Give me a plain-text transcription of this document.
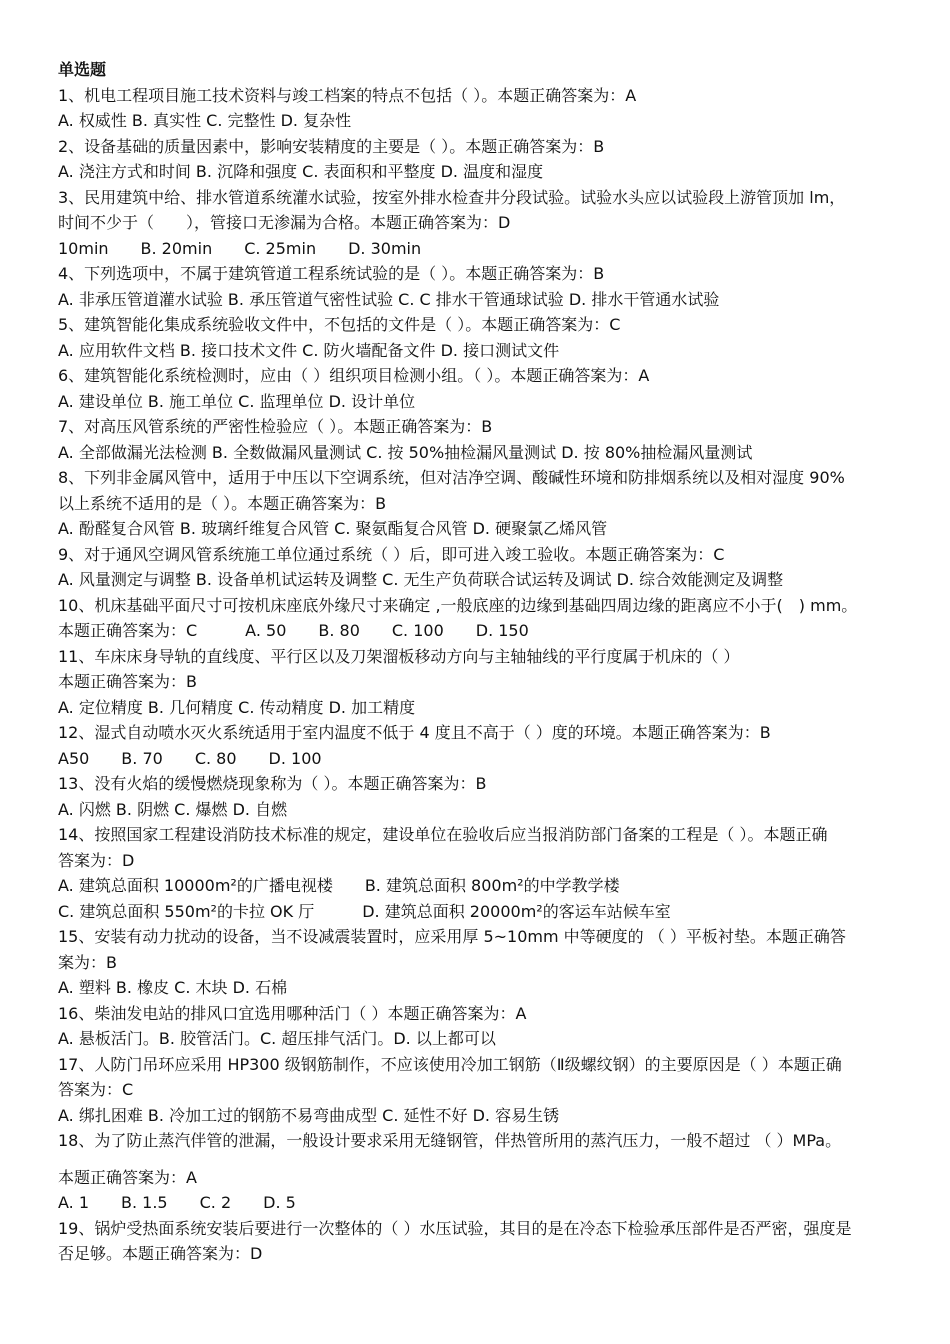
单选题
1、机电工程项目施工技术资料与竣工档案的特点不包括（ ）。本题正确答案为：A
A. 权威性 B. 真实性 C. 完整性 D. 复杂性
2、设备基础的质量因素中，影响安装精度的主要是（ ）。本题正确答案为：B
A. 浇注方式和时间 B. 沉降和强度 C. 表面积和平整度 D. 温度和湿度
3、民用建筑中给、排水管道系统灌水试验，按室外排水检查井分段试验。试验水头应以试验段上游管顶加 lm，
时间不少于（　　），管接口无渗漏为合格。本题正确答案为：D
10min　　B. 20min　　C. 25min　　D. 30min
4、下列选项中，不属于建筑管道工程系统试验的是（ ）。本题正确答案为：B
A. 非承压管道灌水试验 B. 承压管道气密性试验 C. C 排水干管通球试验 D. 排水干管通水试验
5、建筑智能化集成系统验收文件中，不包括的文件是（ ）。本题正确答案为：C
A. 应用软件文档 B. 接口技术文件 C. 防火墙配备文件 D. 接口测试文件
6、建筑智能化系统检测时，应由（ ）组织项目检测小组。（ ）。本题正确答案为：A
A. 建设单位 B. 施工单位 C. 监理单位 D. 设计单位
7、对高压风管系统的严密性检验应（ ）。本题正确答案为：B
A. 全部做漏光法检测 B. 全数做漏风量测试 C. 按 50%抽检漏风量测试 D. 按 80%抽检漏风量测试
8、下列非金属风管中，适用于中压以下空调系统，但对洁净空调、酸碱性环境和防排烟系统以及相对湿度 90%
以上系统不适用的是（ ）。本题正确答案为：B
A. 酚醛复合风管 B. 玻璃纤维复合风管 C. 聚氨酯复合风管 D. 硬聚氯乙烯风管
9、对于通风空调风管系统施工单位通过系统（ ）后，即可进入竣工验收。本题正确答案为：C
A. 风量测定与调整 B. 设备单机试运转及调整 C. 无生产负荷联合试运转及调试 D. 综合效能测定及调整
10、机床基础平面尺寸可按机床座底外缘尺寸来确定 ,一般底座的边缘到基础四周边缘的距离应不小于(　) mm。
本题正确答案为：C　　　A. 50　　B. 80　　C. 100　　D. 150
11、车床床身导轨的直线度、平行区以及刀架溜板移动方向与主轴轴线的平行度属于机床的（ ）
本题正确答案为：B
A. 定位精度 B. 几何精度 C. 传动精度 D. 加工精度
12、湿式自动喷水灭火系统适用于室内温度不低于 4 度且不高于（ ）度的环境。本题正确答案为：B
A50　　B. 70　　C. 80　　D. 100
13、没有火焰的缓慢燃烧现象称为（ ）。本题正确答案为：B
A. 闪燃 B. 阴燃 C. 爆燃 D. 自燃
14、按照国家工程建设消防技术标准的规定，建设单位在验收后应当报消防部门备案的工程是（ ）。本题正确
答案为：D
A. 建筑总面积 10000m²的广播电视楼　　B. 建筑总面积 800m²的中学教学楼
C. 建筑总面积 550m²的卡拉 OK 厅　　　D. 建筑总面积 20000m²的客运车站候车室
15、安装有动力扰动的设备，当不设减震装置时，应采用厚 5~10mm 中等硬度的 （ ）平板衬垫。本题正确答
案为：B
A. 塑料 B. 橡皮 C. 木块 D. 石棉
16、柴油发电站的排风口宜选用哪种活门（ ）本题正确答案为：A
A. 悬板活门。B. 胶管活门。C. 超压排气活门。D. 以上都可以
17、人防门吊环应采用 HP300 级钢筋制作，不应该使用冷加工钢筋（Ⅱ级螺纹钢）的主要原因是（ ）本题正确
答案为：C
A. 绑扎困难 B. 冷加工过的钢筋不易弯曲成型 C. 延性不好 D. 容易生锈
18、为了防止蒸汽伴管的泄漏，一般设计要求采用无缝钢管，伴热管所用的蒸汽压力，一般不超过 （ ）MPa。
本题正确答案为：A
A. 1　　B. 1.5　　C. 2　　D. 5
19、锅炉受热面系统安装后要进行一次整体的（ ）水压试验，其目的是在冷态下检验承压部件是否严密，强度是
否足够。本题正确答案为：D
